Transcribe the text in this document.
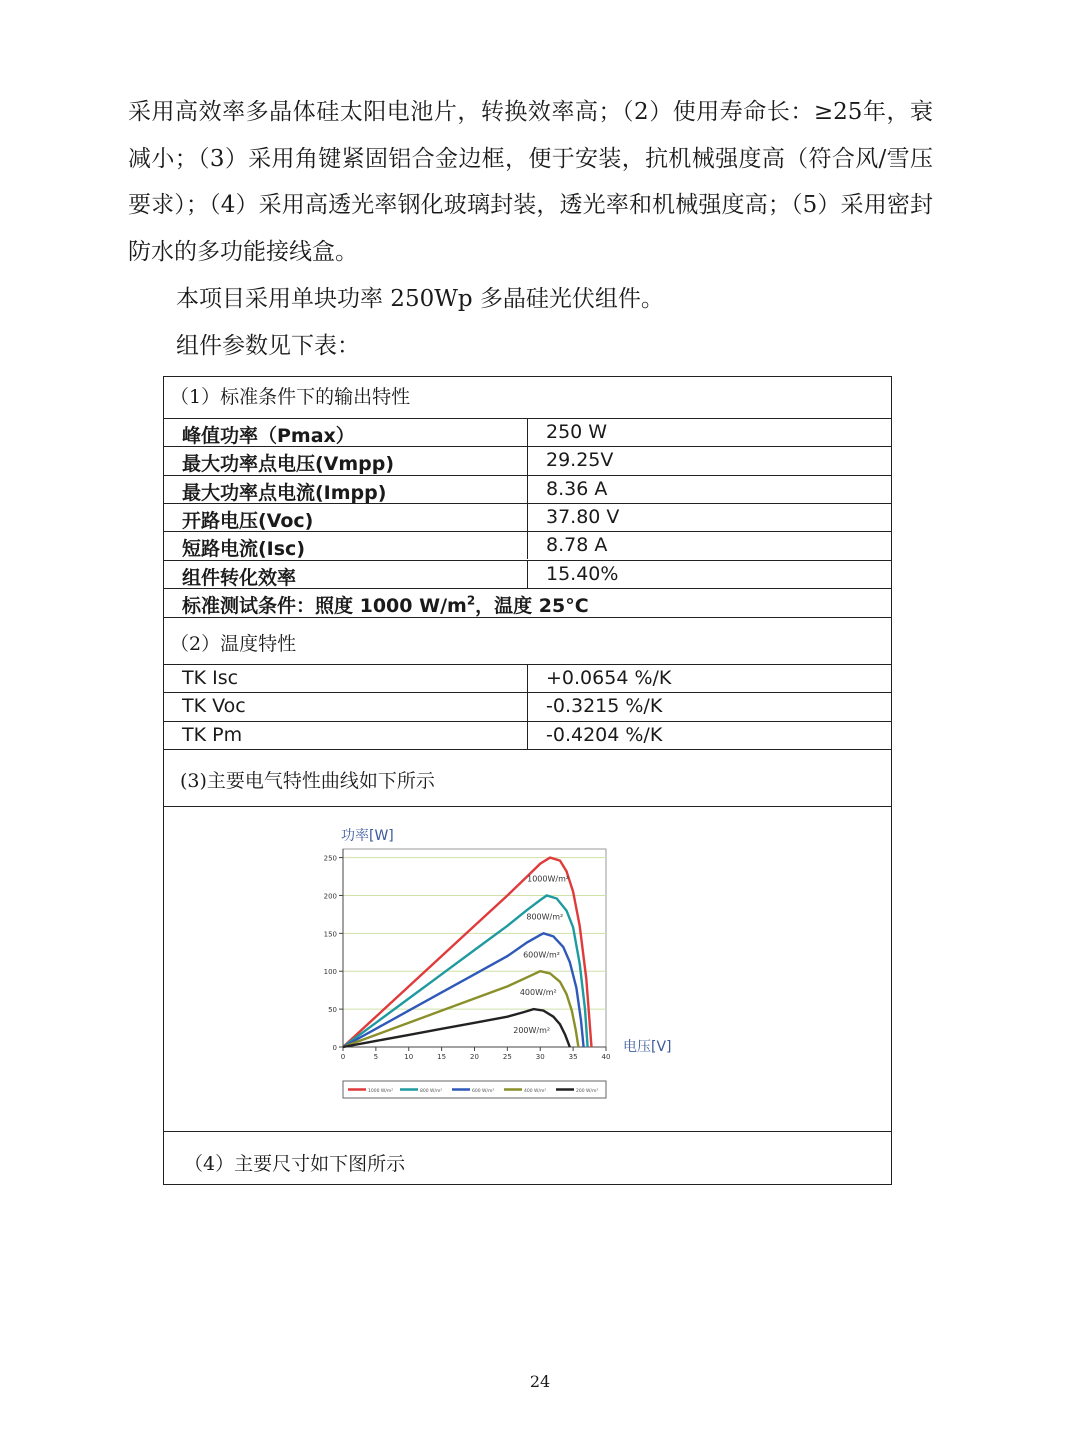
采用高效率多晶体硅太阳电池片，转换效率高；（2）使用寿命长：≥25年，衰减小；（3）采用角键紧固铝合金边框，便于安装，抗机械强度高（符合风/雪压要求）；（4）采用高透光率钢化玻璃封装，透光率和机械强度高；（5）采用密封防水的多功能接线盒。

本项目采用单块功率 250Wp 多晶硅光伏组件。

组件参数见下表：

（1）标准条件下的输出特性
标准测试条件：照度 1000 $W/m^2$，温度 25°C
（2）温度特性
(3)主要电气特性曲线如下所示
0
50
100
150
200
250
0	5	10	15	20	25	30	35	40
功率[W]
电压[V]
1000W/m²
800W/m²
600W/m²
400W/m²
200W/m²
1000 W/m²	800 W/m²	600 W/m²	400 W/m²	200 W/m²
（4）主要尺寸如下图所示
峰值功率（Pmax）	250 W
最大功率点电压(Vmpp)	29.25V
最大功率点电流(Impp)	8.36 A
开路电压(Voc)	37.80 V
短路电流(Isc)	8.78 A
组件转化效率	15.40%
TK Isc	+0.0654 %/K
TK Voc	-0.3215 %/K
TK Pm	-0.4204 %/K
24
